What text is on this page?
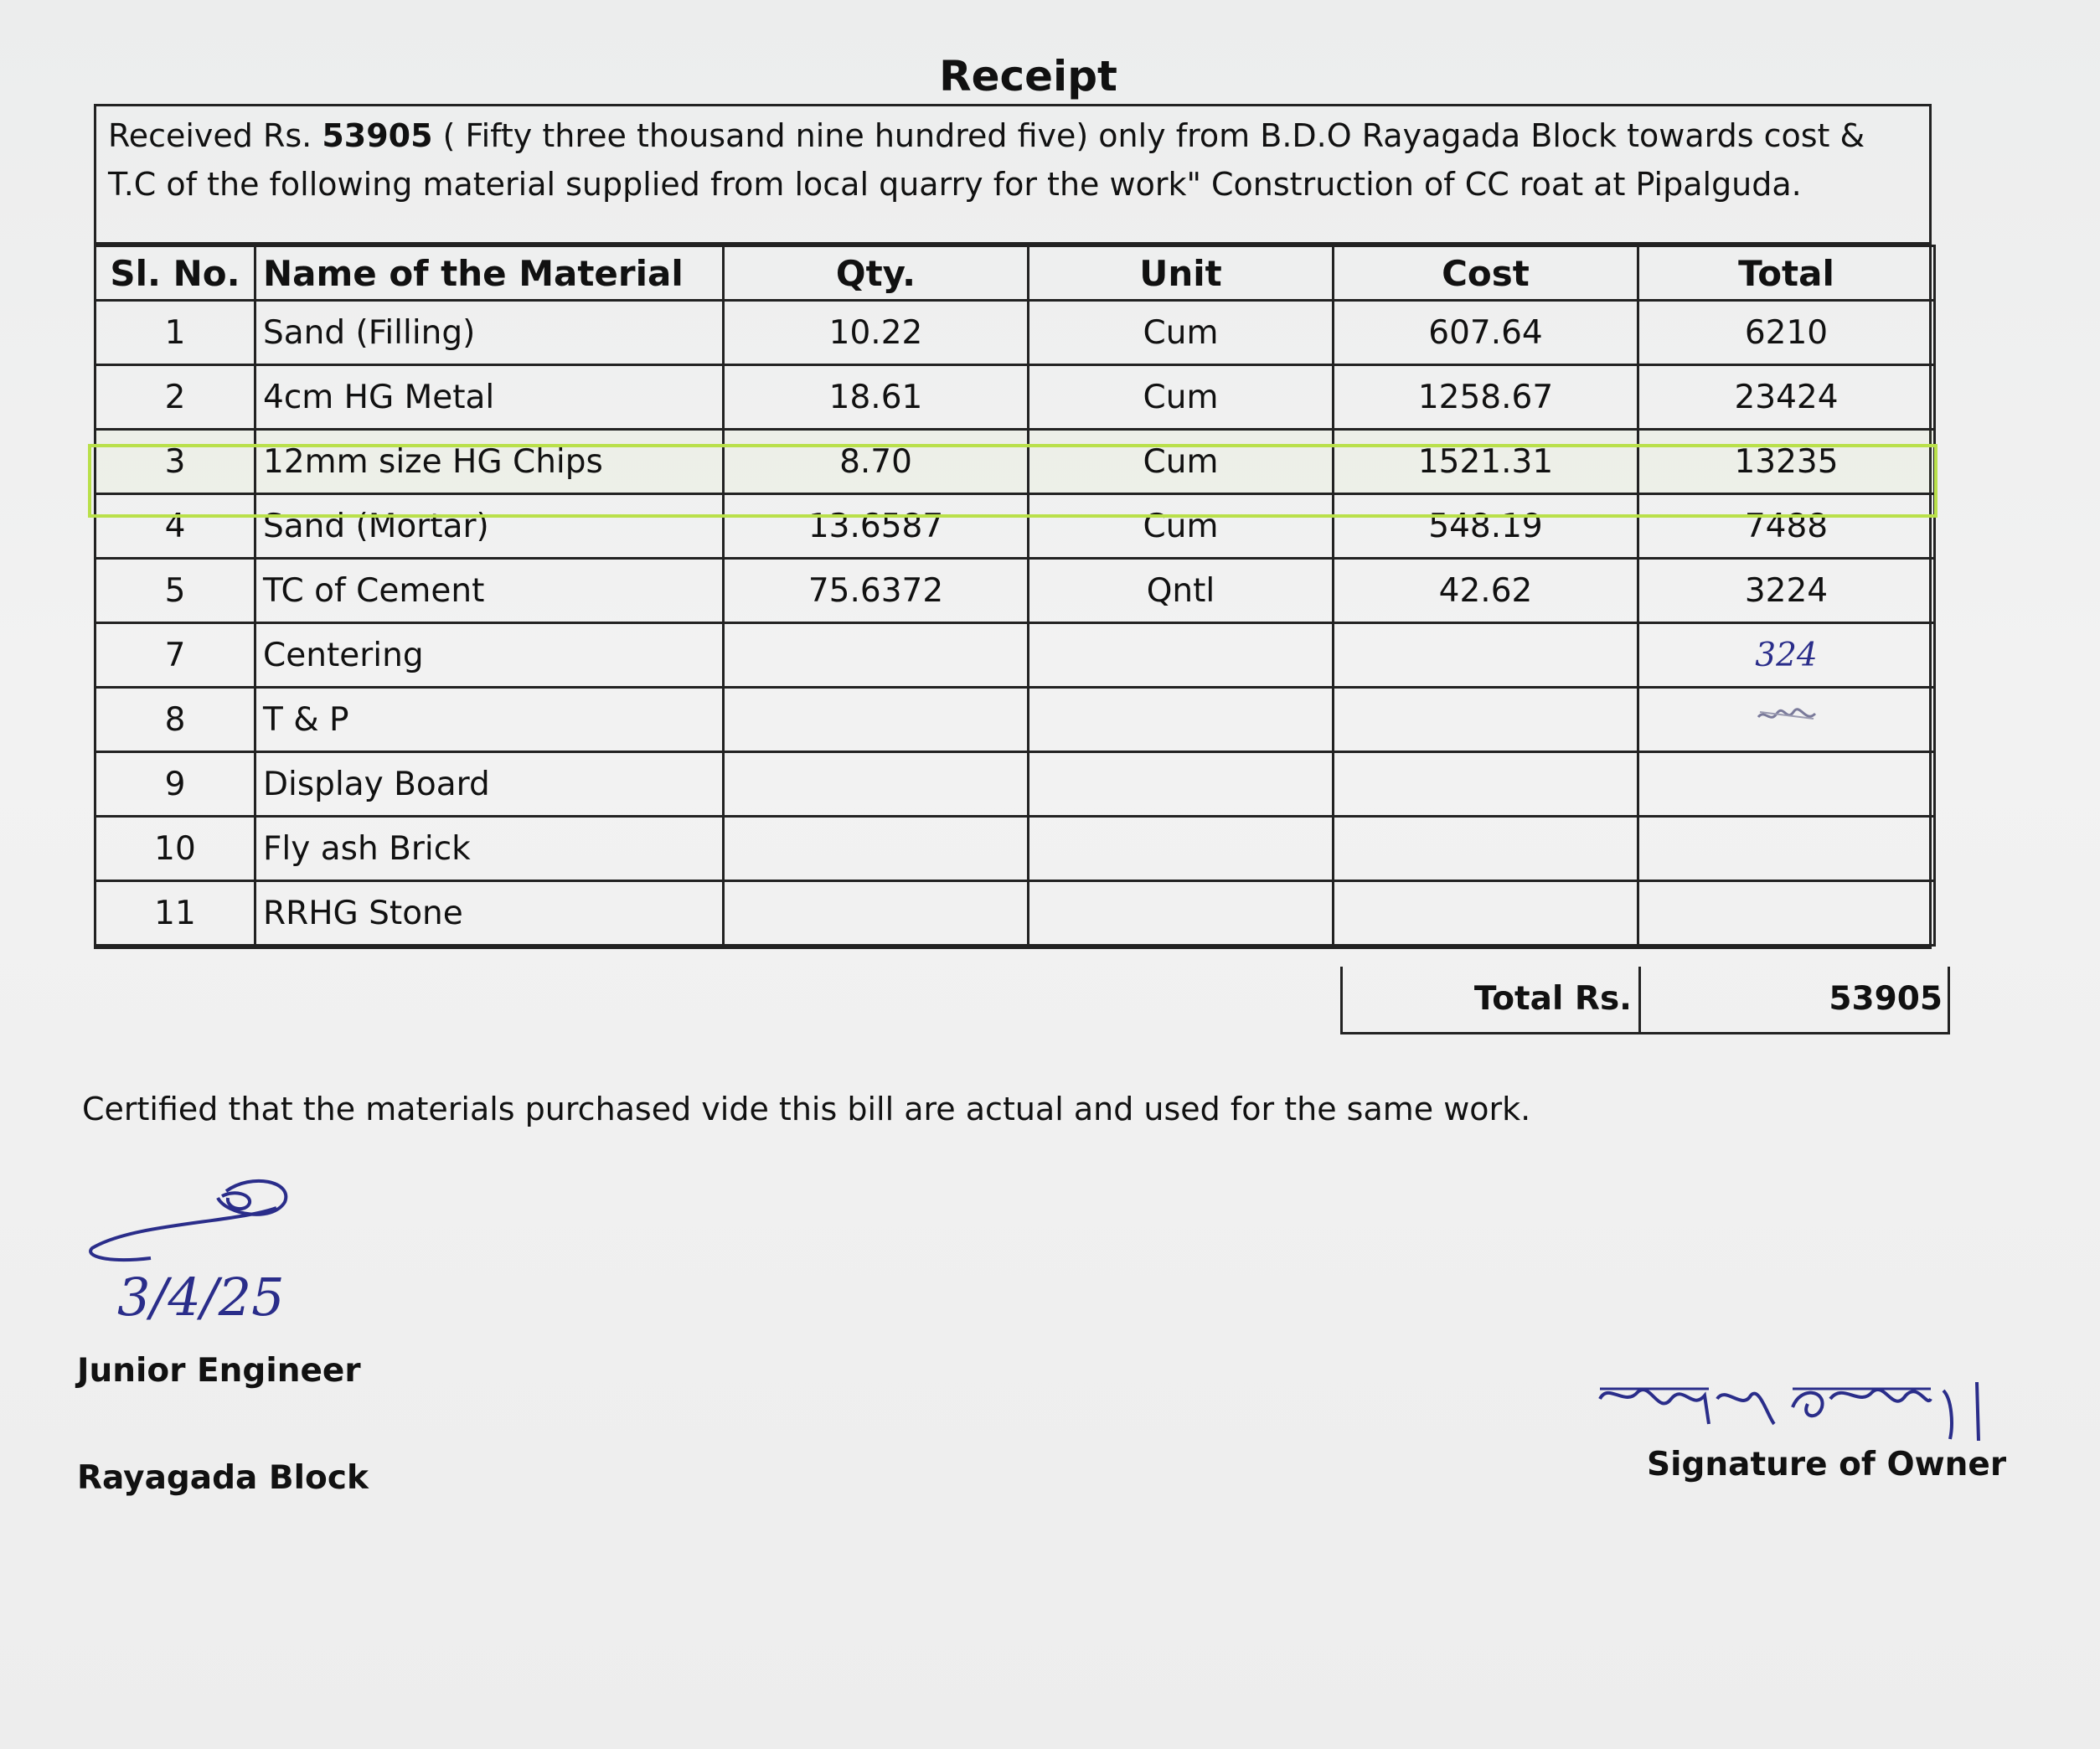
Receipt
Received Rs. 53905 ( Fifty three thousand nine hundred five) only from B.D.O Rayagada Block towards cost & T.C of the following material supplied from local quarry for the work" Construction of CC roat at Pipalguda.
Sl. No.	Name of the Material	Qty.	Unit	Cost	Total
1	Sand (Filling)	10.22	Cum	607.64	6210
2	4cm HG Metal	18.61	Cum	1258.67	23424
3	12mm size HG Chips	8.70	Cum	1521.31	13235
4	Sand (Mortar)	13.6587	Cum	548.19	7488
5	TC of Cement	75.6372	Qntl	42.62	3224
7	Centering				324
8	T & P				
9	Display Board				
10	Fly ash Brick				
11	RRHG Stone				
Total Rs.	53905
Certified that the materials purchased vide this bill are actual and used for the same work.
3/4/25
Junior Engineer
Rayagada Block	Signature of Owner
